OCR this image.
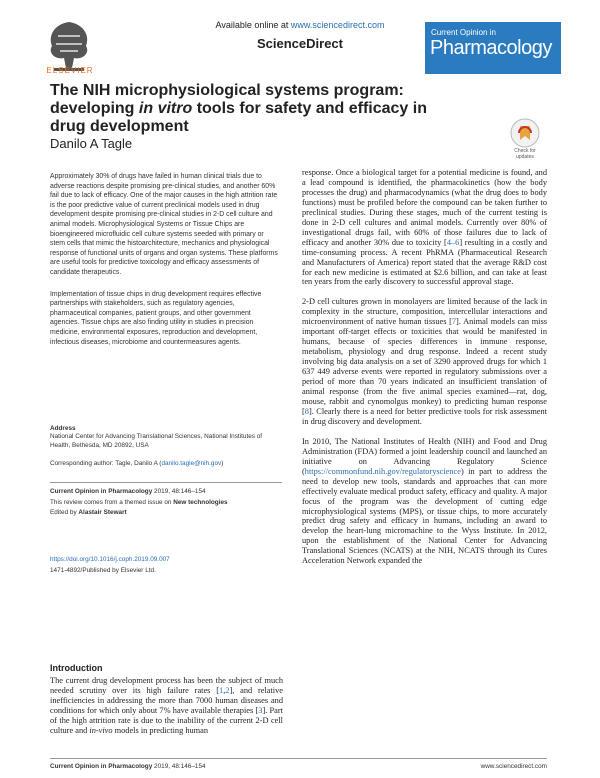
ELSEVIER
Available online at www.sciencedirect.com
ScienceDirect
Current Opinion in
Pharmacology
The NIH microphysiological systems program: developing in vitro tools for safety and efficacy in drug development
Danilo A Tagle	Check for updates

Approximately 30% of drugs have failed in human clinical trials due to adverse reactions despite promising pre-clinical studies, and another 60% fail due to lack of efficacy. One of the major causes in the high attrition rate is the poor predictive value of current preclinical models used in drug development despite promising pre-clinical studies in 2-D cell culture and animal models. Microphysiological Systems or Tissue Chips are bioengineered microfluidic cell culture systems seeded with primary or stem cells that mimic the histoarchitecture, mechanics and physiological response of functional units of organs and organ systems. These platforms are useful tools for predictive toxicology and efficacy assessments of candidate therapeutics.

Implementation of tissue chips in drug development requires effective partnerships with stakeholders, such as regulatory agencies, pharmaceutical companies, patient groups, and other government agencies. Tissue chips are also finding utility in studies in precision medicine, environmental exposures, reproduction and development, infectious diseases, microbiome and countermeasures agents.

Address
National Center for Advancing Translational Sciences, National Institutes of Health, Bethesda, MD 20892, USA
Corresponding author: Tagle, Danilo A (danilo.tagle@nih.gov)
Current Opinion in Pharmacology 2019, 48:146–154
This review comes from a themed issue on New technologies
Edited by Alastair Stewart
https://doi.org/10.1016/j.coph.2019.09.007
1471-4892/Published by Elsevier Ltd.
Introduction

The current drug development process has been the subject of much needed scrutiny over its high failure rates [1,2], and relative inefficiencies in addressing the more than 7000 human diseases and conditions for which only about 7% have available therapies [3]. Part of the high attrition rate is due to the inability of the current 2-D cell culture and in-vivo models in predicting human

response. Once a biological target for a potential medicine is found, and a lead compound is identified, the pharmacokinetics (how the body processes the drug) and pharmacodynamics (what the drug does to body functions) must be profiled before the compound can be taken further to preclinical studies. During these stages, much of the current testing is done in 2-D cell cultures and animal models. Currently over 80% of investigational drugs fail, with 60% of those failures due to lack of efficacy and another 30% due to toxicity [4–6] resulting in a costly and time-consuming process. A recent PhRMA (Pharmaceutical Research and Manufacturers of America) report stated that the average R&D cost for each new medicine is estimated at $2.6 billion, and can take at least ten years from the early discovery to successful approval stage.

2-D cell cultures grown in monolayers are limited because of the lack in complexity in the structure, composition, intercellular interactions and microenvironment of native human tissues [7]. Animal models can miss important off-target effects or toxicities that would be manifested in humans, because of species differences in immune response, metabolism, physiology and drug response. Indeed a recent study involving big data analysis on a set of 3290 approved drugs for which 1 637 449 adverse events were reported in regulatory submissions over a period of more than 70 years indicated an insufficient translation of animal response (from the five animal species examined—rat, dog, mouse, rabbit and cynomolgus monkey) to predicting human response [8]. Clearly there is a need for better predictive tools for risk assessment in drug discovery and development.

In 2010, The National Institutes of Health (NIH) and Food and Drug Administration (FDA) formed a joint leadership council and launched an initiative on Advancing Regulatory Science (https://commonfund.nih.gov/regulatoryscience) in part to address the need to develop new tools, standards and approaches that can more effectively evaluate medical product safety, efficacy and quality. A major focus of the program was the development of cutting edge microphysiological systems (MPS), or tissue chips, to more accurately predict drug safety and efficacy in humans, including an award to develop the heart-lung micromachine to the Wyss Institute. In 2012, upon the establishment of the National Center for Advancing Translational Sciences (NCATS) at the NIH, NCATS through its Cures Acceleration Network expanded the

Current Opinion in Pharmacology 2019, 48:146–154	www.sciencedirect.com
